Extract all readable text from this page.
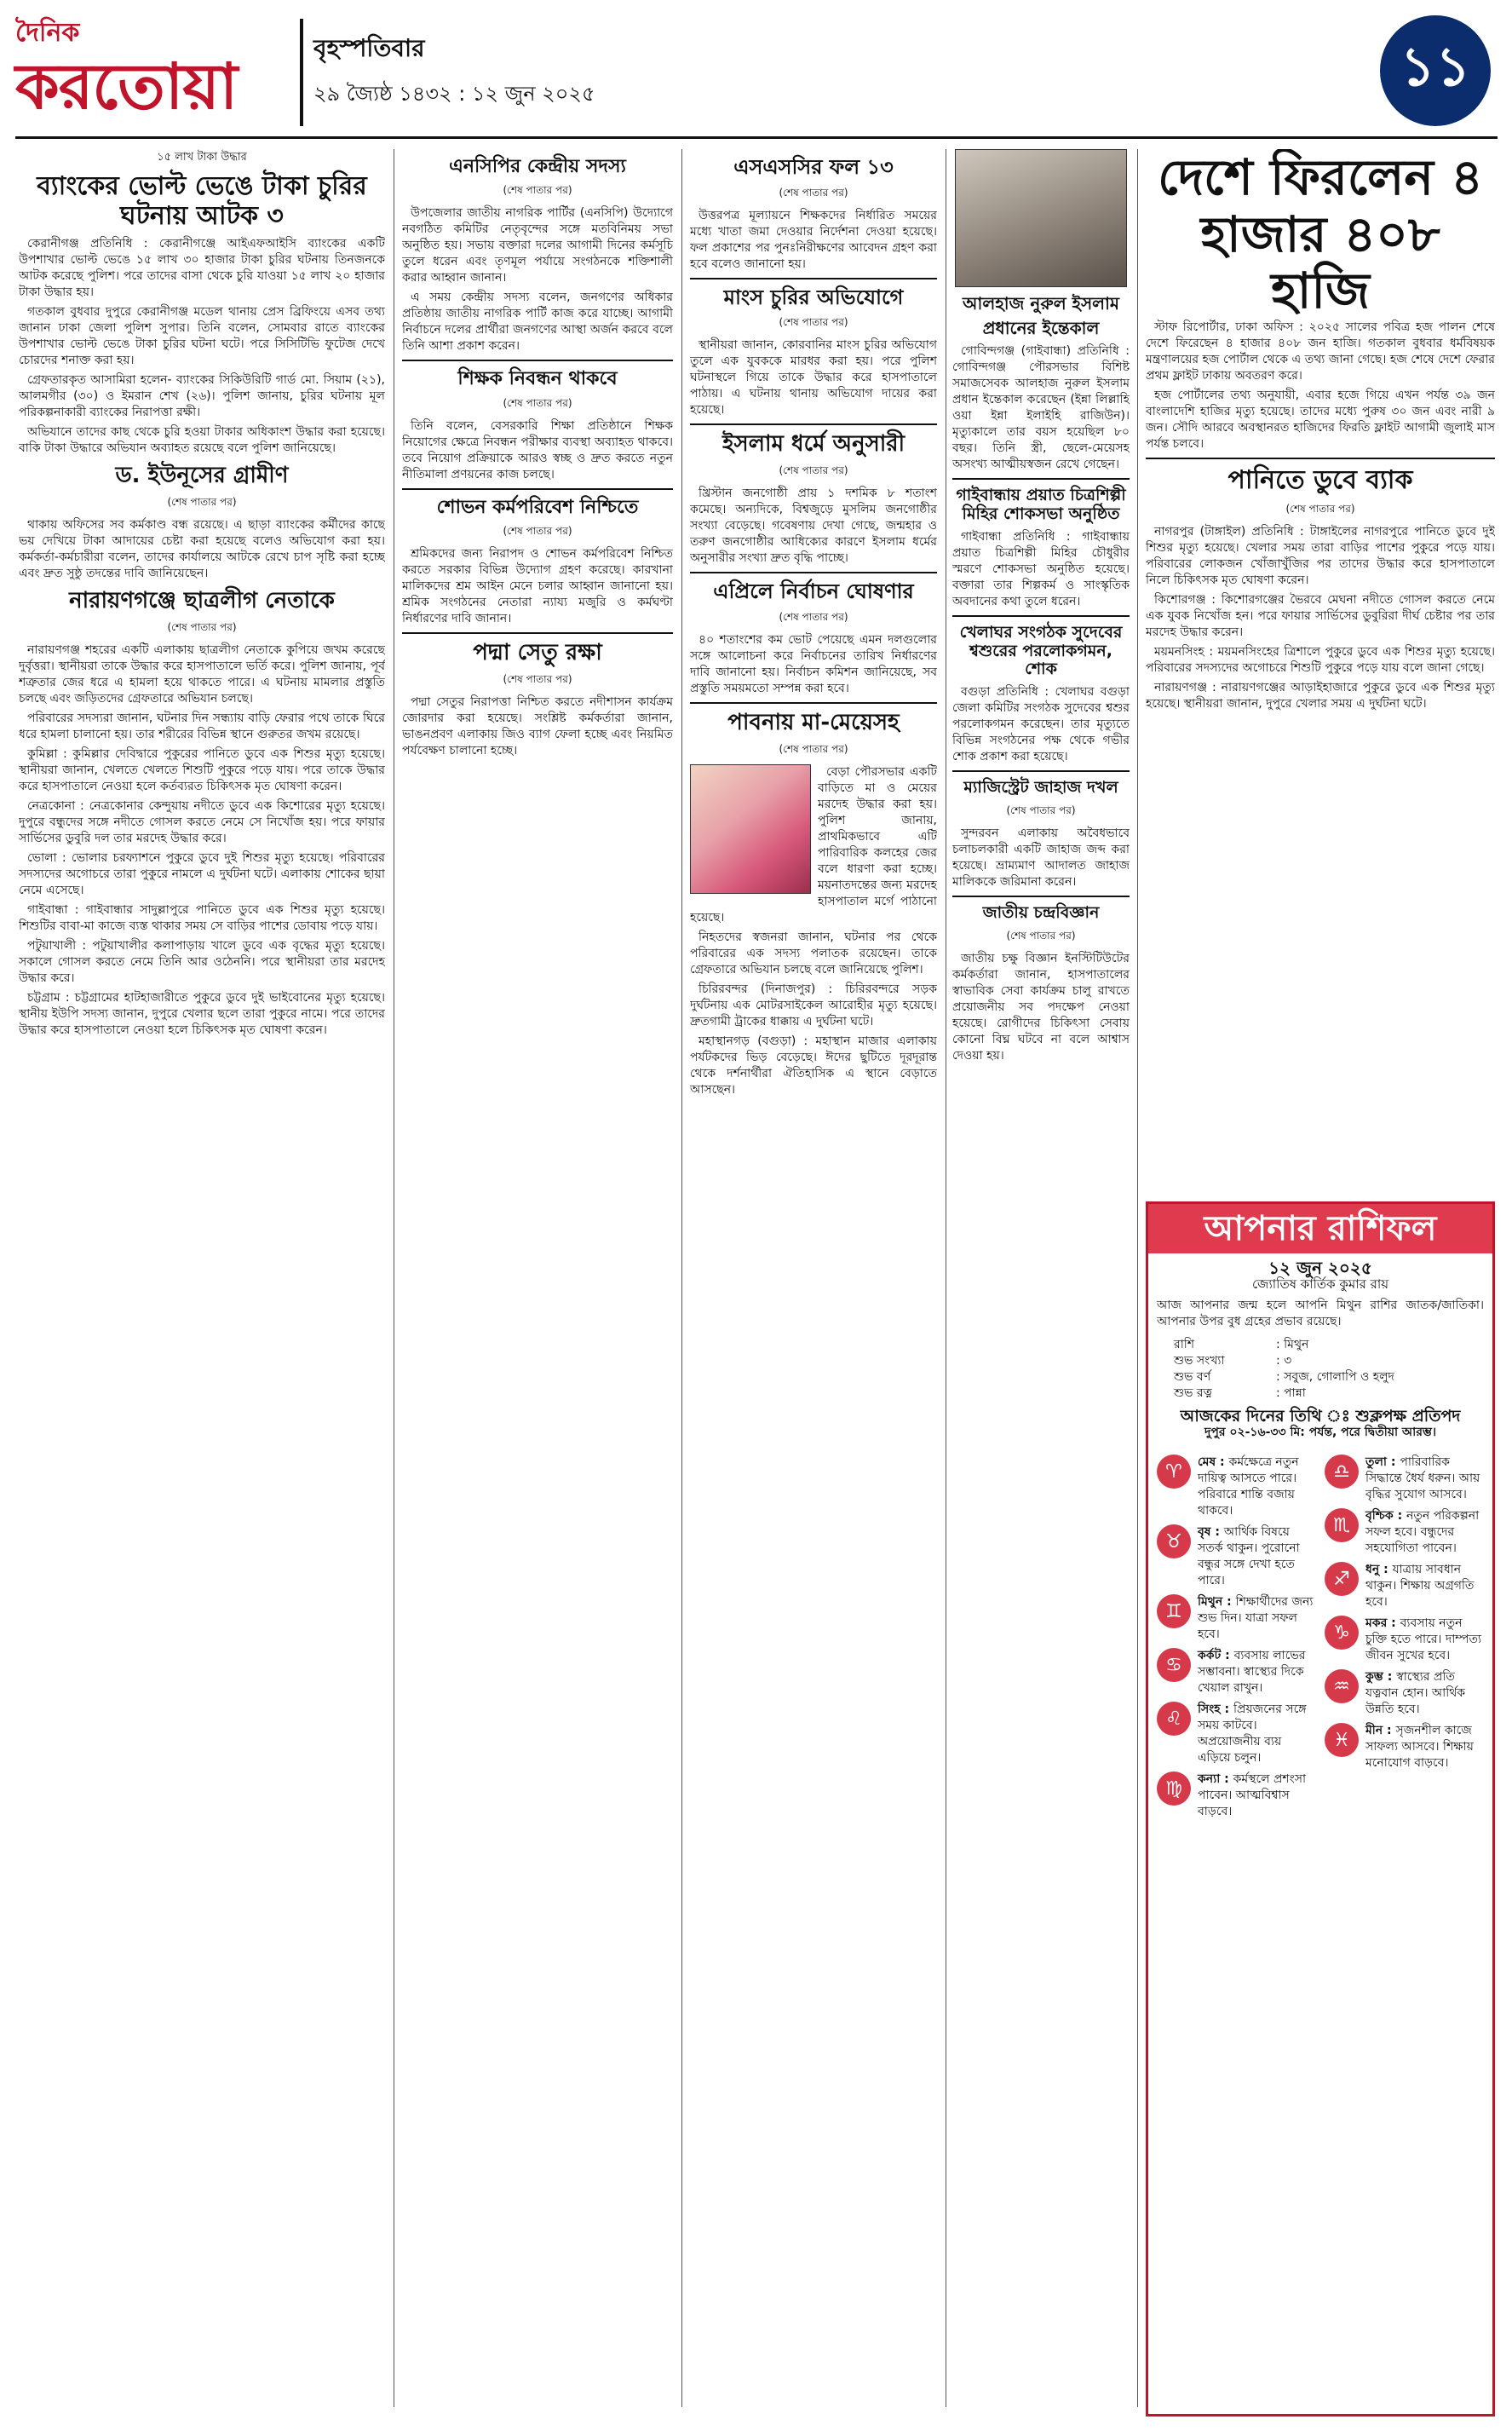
দৈনিক
করতোয়া
বৃহস্পতিবার
২৯ জ্যৈষ্ঠ ১৪৩২ : ১২ জুন ২০২৫	১১
১৫ লাখ টাকা উদ্ধার
ব্যাংকের ভোল্ট ভেঙে টাকা চুরির ঘটনায় আটক ৩

কেরানীগঞ্জ প্রতিনিধি : কেরানীগঞ্জে আইএফআইসি ব্যাংকের একটি উপশাখার ভোল্ট ভেঙে ১৫ লাখ ৩০ হাজার টাকা চুরির ঘটনায় তিনজনকে আটক করেছে পুলিশ। পরে তাদের বাসা থেকে চুরি যাওয়া ১৫ লাখ ২০ হাজার টাকা উদ্ধার হয়।

গতকাল বুধবার দুপুরে কেরানীগঞ্জ মডেল থানায় প্রেস ব্রিফিংয়ে এসব তথ্য জানান ঢাকা জেলা পুলিশ সুপার। তিনি বলেন, সোমবার রাতে ব্যাংকের উপশাখার ভোল্ট ভেঙে টাকা চুরির ঘটনা ঘটে। পরে সিসিটিভি ফুটেজ দেখে চোরদের শনাক্ত করা হয়।

গ্রেফতারকৃত আসামিরা হলেন- ব্যাংকের সিকিউরিটি গার্ড মো. সিয়াম (২১), আলমগীর (৩০) ও ইমরান শেখ (২৬)। পুলিশ জানায়, চুরির ঘটনায় মূল পরিকল্পনাকারী ব্যাংকের নিরাপত্তা রক্ষী।

অভিযানে তাদের কাছ থেকে চুরি হওয়া টাকার অধিকাংশ উদ্ধার করা হয়েছে। বাকি টাকা উদ্ধারে অভিযান অব্যাহত রয়েছে বলে পুলিশ জানিয়েছে।

ড. ইউনূসের গ্রামীণ
(শেষ পাতার পর)

থাকায় অফিসের সব কর্মকাণ্ড বন্ধ রয়েছে। এ ছাড়া ব্যাংকের কর্মীদের কাছে ভয় দেখিয়ে টাকা আদায়ের চেষ্টা করা হয়েছে বলেও অভিযোগ করা হয়। কর্মকর্তা-কর্মচারীরা বলেন, তাদের কার্যালয়ে আটকে রেখে চাপ সৃষ্টি করা হচ্ছে এবং দ্রুত সুষ্ঠু তদন্তের দাবি জানিয়েছেন।

নারায়ণগঞ্জে ছাত্রলীগ নেতাকে
(শেষ পাতার পর)

নারায়ণগঞ্জ শহরের একটি এলাকায় ছাত্রলীগ নেতাকে কুপিয়ে জখম করেছে দুর্বৃত্তরা। স্থানীয়রা তাকে উদ্ধার করে হাসপাতালে ভর্তি করে। পুলিশ জানায়, পূর্ব শত্রুতার জের ধরে এ হামলা হয়ে থাকতে পারে। এ ঘটনায় মামলার প্রস্তুতি চলছে এবং জড়িতদের গ্রেফতারে অভিযান চলছে।

পরিবারের সদস্যরা জানান, ঘটনার দিন সন্ধ্যায় বাড়ি ফেরার পথে তাকে ঘিরে ধরে হামলা চালানো হয়। তার শরীরের বিভিন্ন স্থানে গুরুতর জখম রয়েছে।

কুমিল্লা : কুমিল্লার দেবিদ্বারে পুকুরের পানিতে ডুবে এক শিশুর মৃত্যু হয়েছে। স্থানীয়রা জানান, খেলতে খেলতে শিশুটি পুকুরে পড়ে যায়। পরে তাকে উদ্ধার করে হাসপাতালে নেওয়া হলে কর্তব্যরত চিকিৎসক মৃত ঘোষণা করেন।

নেত্রকোনা : নেত্রকোনার কেন্দুয়ায় নদীতে ডুবে এক কিশোরের মৃত্যু হয়েছে। দুপুরে বন্ধুদের সঙ্গে নদীতে গোসল করতে নেমে সে নিখোঁজ হয়। পরে ফায়ার সার্ভিসের ডুবুরি দল তার মরদেহ উদ্ধার করে।

ভোলা : ভোলার চরফ্যাশনে পুকুরে ডুবে দুই শিশুর মৃত্যু হয়েছে। পরিবারের সদস্যদের অগোচরে তারা পুকুরে নামলে এ দুর্ঘটনা ঘটে। এলাকায় শোকের ছায়া নেমে এসেছে।

গাইবান্ধা : গাইবান্ধার সাদুল্লাপুরে পানিতে ডুবে এক শিশুর মৃত্যু হয়েছে। শিশুটির বাবা-মা কাজে ব্যস্ত থাকার সময় সে বাড়ির পাশের ডোবায় পড়ে যায়।

পটুয়াখালী : পটুয়াখালীর কলাপাড়ায় খালে ডুবে এক বৃদ্ধের মৃত্যু হয়েছে। সকালে গোসল করতে নেমে তিনি আর ওঠেননি। পরে স্থানীয়রা তার মরদেহ উদ্ধার করে।

চট্টগ্রাম : চট্টগ্রামের হাটহাজারীতে পুকুরে ডুবে দুই ভাইবোনের মৃত্যু হয়েছে। স্থানীয় ইউপি সদস্য জানান, দুপুরে খেলার ছলে তারা পুকুরে নামে। পরে তাদের উদ্ধার করে হাসপাতালে নেওয়া হলে চিকিৎসক মৃত ঘোষণা করেন।

এনসিপির কেন্দ্রীয় সদস্য
(শেষ পাতার পর)

উপজেলার জাতীয় নাগরিক পার্টির (এনসিপি) উদ্যোগে নবগঠিত কমিটির নেতৃবৃন্দের সঙ্গে মতবিনিময় সভা অনুষ্ঠিত হয়। সভায় বক্তারা দলের আগামী দিনের কর্মসূচি তুলে ধরেন এবং তৃণমূল পর্যায়ে সংগঠনকে শক্তিশালী করার আহ্বান জানান।

এ সময় কেন্দ্রীয় সদস্য বলেন, জনগণের অধিকার প্রতিষ্ঠায় জাতীয় নাগরিক পার্টি কাজ করে যাচ্ছে। আগামী নির্বাচনে দলের প্রার্থীরা জনগণের আস্থা অর্জন করবে বলে তিনি আশা প্রকাশ করেন।

শিক্ষক নিবন্ধন থাকবে
(শেষ পাতার পর)

তিনি বলেন, বেসরকারি শিক্ষা প্রতিষ্ঠানে শিক্ষক নিয়োগের ক্ষেত্রে নিবন্ধন পরীক্ষার ব্যবস্থা অব্যাহত থাকবে। তবে নিয়োগ প্রক্রিয়াকে আরও স্বচ্ছ ও দ্রুত করতে নতুন নীতিমালা প্রণয়নের কাজ চলছে।

শোভন কর্মপরিবেশ নিশ্চিতে
(শেষ পাতার পর)

শ্রমিকদের জন্য নিরাপদ ও শোভন কর্মপরিবেশ নিশ্চিত করতে সরকার বিভিন্ন উদ্যোগ গ্রহণ করেছে। কারখানা মালিকদের শ্রম আইন মেনে চলার আহ্বান জানানো হয়। শ্রমিক সংগঠনের নেতারা ন্যায্য মজুরি ও কর্মঘণ্টা নির্ধারণের দাবি জানান।

পদ্মা সেতু রক্ষা
(শেষ পাতার পর)

পদ্মা সেতুর নিরাপত্তা নিশ্চিত করতে নদীশাসন কার্যক্রম জোরদার করা হয়েছে। সংশ্লিষ্ট কর্মকর্তারা জানান, ভাঙনপ্রবণ এলাকায় জিও ব্যাগ ফেলা হচ্ছে এবং নিয়মিত পর্যবেক্ষণ চালানো হচ্ছে।

এসএসসির ফল ১৩
(শেষ পাতার পর)

উত্তরপত্র মূল্যায়নে শিক্ষকদের নির্ধারিত সময়ের মধ্যে খাতা জমা দেওয়ার নির্দেশনা দেওয়া হয়েছে। ফল প্রকাশের পর পুনঃনিরীক্ষণের আবেদন গ্রহণ করা হবে বলেও জানানো হয়।

মাংস চুরির অভিযোগে
(শেষ পাতার পর)

স্থানীয়রা জানান, কোরবানির মাংস চুরির অভিযোগ তুলে এক যুবককে মারধর করা হয়। পরে পুলিশ ঘটনাস্থলে গিয়ে তাকে উদ্ধার করে হাসপাতালে পাঠায়। এ ঘটনায় থানায় অভিযোগ দায়ের করা হয়েছে।

ইসলাম ধর্মে অনুসারী
(শেষ পাতার পর)

খ্রিস্টান জনগোষ্ঠী প্রায় ১ দশমিক ৮ শতাংশ কমেছে। অন্যদিকে, বিশ্বজুড়ে মুসলিম জনগোষ্ঠীর সংখ্যা বেড়েছে। গবেষণায় দেখা গেছে, জন্মহার ও তরুণ জনগোষ্ঠীর আধিক্যের কারণে ইসলাম ধর্মের অনুসারীর সংখ্যা দ্রুত বৃদ্ধি পাচ্ছে।

এপ্রিলে নির্বাচন ঘোষণার
(শেষ পাতার পর)

৪০ শতাংশের কম ভোট পেয়েছে এমন দলগুলোর সঙ্গে আলোচনা করে নির্বাচনের তারিখ নির্ধারণের দাবি জানানো হয়। নির্বাচন কমিশন জানিয়েছে, সব প্রস্তুতি সময়মতো সম্পন্ন করা হবে।

পাবনায় মা-মেয়েসহ
(শেষ পাতার পর)

বেড়া পৌরসভার একটি বাড়িতে মা ও মেয়ের মরদেহ উদ্ধার করা হয়। পুলিশ জানায়, প্রাথমিকভাবে এটি পারিবারিক কলহের জের বলে ধারণা করা হচ্ছে। ময়নাতদন্তের জন্য মরদেহ হাসপাতাল মর্গে পাঠানো হয়েছে।

নিহতদের স্বজনরা জানান, ঘটনার পর থেকে পরিবারের এক সদস্য পলাতক রয়েছেন। তাকে গ্রেফতারে অভিযান চলছে বলে জানিয়েছে পুলিশ।

চিরিরবন্দর (দিনাজপুর) : চিরিরবন্দরে সড়ক দুর্ঘটনায় এক মোটরসাইকেল আরোহীর মৃত্যু হয়েছে। দ্রুতগামী ট্রাকের ধাক্কায় এ দুর্ঘটনা ঘটে।

মহাস্থানগড় (বগুড়া) : মহাস্থান মাজার এলাকায় পর্যটকদের ভিড় বেড়েছে। ঈদের ছুটিতে দূরদূরান্ত থেকে দর্শনার্থীরা ঐতিহাসিক এ স্থানে বেড়াতে আসছেন।

আলহাজ নুরুল ইসলাম
প্রধানের ইন্তেকাল

গোবিন্দগঞ্জ (গাইবান্ধা) প্রতিনিধি : গোবিন্দগঞ্জ পৌরসভার বিশিষ্ট সমাজসেবক আলহাজ নুরুল ইসলাম প্রধান ইন্তেকাল করেছেন (ইন্না লিল্লাহি ওয়া ইন্না ইলাইহি রাজিউন)। মৃত্যুকালে তার বয়স হয়েছিল ৮০ বছর। তিনি স্ত্রী, ছেলে-মেয়েসহ অসংখ্য আত্মীয়স্বজন রেখে গেছেন।

গাইবান্ধায় প্রয়াত চিত্রশিল্পী মিহির শোকসভা অনুষ্ঠিত

গাইবান্ধা প্রতিনিধি : গাইবান্ধায় প্রয়াত চিত্রশিল্পী মিহির চৌধুরীর স্মরণে শোকসভা অনুষ্ঠিত হয়েছে। বক্তারা তার শিল্পকর্ম ও সাংস্কৃতিক অবদানের কথা তুলে ধরেন।

খেলাঘর সংগঠক সুদেবের শ্বশুরের পরলোকগমন, শোক

বগুড়া প্রতিনিধি : খেলাঘর বগুড়া জেলা কমিটির সংগঠক সুদেবের শ্বশুর পরলোকগমন করেছেন। তার মৃত্যুতে বিভিন্ন সংগঠনের পক্ষ থেকে গভীর শোক প্রকাশ করা হয়েছে।

ম্যাজিস্ট্রেট জাহাজ দখল
(শেষ পাতার পর)

সুন্দরবন এলাকায় অবৈধভাবে চলাচলকারী একটি জাহাজ জব্দ করা হয়েছে। ভ্রাম্যমাণ আদালত জাহাজ মালিককে জরিমানা করেন।

জাতীয় চন্দ্রবিজ্ঞান
(শেষ পাতার পর)

জাতীয় চক্ষু বিজ্ঞান ইনস্টিটিউটের কর্মকর্তারা জানান, হাসপাতালের স্বাভাবিক সেবা কার্যক্রম চালু রাখতে প্রয়োজনীয় সব পদক্ষেপ নেওয়া হয়েছে। রোগীদের চিকিৎসা সেবায় কোনো বিঘ্ন ঘটবে না বলে আশ্বাস দেওয়া হয়।

দেশে ফিরলেন ৪ হাজার ৪০৮ হাজি

স্টাফ রিপোর্টার, ঢাকা অফিস : ২০২৫ সালের পবিত্র হজ পালন শেষে দেশে ফিরেছেন ৪ হাজার ৪০৮ জন হাজি। গতকাল বুধবার ধর্মবিষয়ক মন্ত্রণালয়ের হজ পোর্টাল থেকে এ তথ্য জানা গেছে। হজ শেষে দেশে ফেরার প্রথম ফ্লাইট ঢাকায় অবতরণ করে।

হজ পোর্টালের তথ্য অনুযায়ী, এবার হজে গিয়ে এখন পর্যন্ত ৩৯ জন বাংলাদেশি হাজির মৃত্যু হয়েছে। তাদের মধ্যে পুরুষ ৩০ জন এবং নারী ৯ জন। সৌদি আরবে অবস্থানরত হাজিদের ফিরতি ফ্লাইট আগামী জুলাই মাস পর্যন্ত চলবে।

পানিতে ডুবে ব্যাক
(শেষ পাতার পর)

নাগরপুর (টাঙ্গাইল) প্রতিনিধি : টাঙ্গাইলের নাগরপুরে পানিতে ডুবে দুই শিশুর মৃত্যু হয়েছে। খেলার সময় তারা বাড়ির পাশের পুকুরে পড়ে যায়। পরিবারের লোকজন খোঁজাখুঁজির পর তাদের উদ্ধার করে হাসপাতালে নিলে চিকিৎসক মৃত ঘোষণা করেন।

কিশোরগঞ্জ : কিশোরগঞ্জের ভৈরবে মেঘনা নদীতে গোসল করতে নেমে এক যুবক নিখোঁজ হন। পরে ফায়ার সার্ভিসের ডুবুরিরা দীর্ঘ চেষ্টার পর তার মরদেহ উদ্ধার করেন।

ময়মনসিংহ : ময়মনসিংহের ত্রিশালে পুকুরে ডুবে এক শিশুর মৃত্যু হয়েছে। পরিবারের সদস্যদের অগোচরে শিশুটি পুকুরে পড়ে যায় বলে জানা গেছে।

নারায়ণগঞ্জ : নারায়ণগঞ্জের আড়াইহাজারে পুকুরে ডুবে এক শিশুর মৃত্যু হয়েছে। স্থানীয়রা জানান, দুপুরে খেলার সময় এ দুর্ঘটনা ঘটে।

আপনার রাশিফল
১২ জুন ২০২৫
জ্যোতিষ কার্তিক কুমার রায়
আজ আপনার জন্ম হলে আপনি মিথুন রাশির জাতক/জাতিকা। আপনার উপর বুধ গ্রহের প্রভাব রয়েছে।
রাশি	: মিথুন
শুভ সংখ্যা	: ৩
শুভ বর্ণ	: সবুজ, গোলাপি ও হলুদ
শুভ রত্ন	: পান্না
আজকের দিনের তিথি ঃ শুক্লপক্ষ প্রতিপদ
দুপুর ০২-১৬-৩৩ মি: পর্যন্ত, পরে দ্বিতীয়া আরম্ভ।
♈	মেষ : কর্মক্ষেত্রে নতুন দায়িত্ব আসতে পারে। পরিবারে শান্তি বজায় থাকবে।
♉	বৃষ : আর্থিক বিষয়ে সতর্ক থাকুন। পুরোনো বন্ধুর সঙ্গে দেখা হতে পারে।
♊	মিথুন : শিক্ষার্থীদের জন্য শুভ দিন। যাত্রা সফল হবে।
♋	কর্কট : ব্যবসায় লাভের সম্ভাবনা। স্বাস্থ্যের দিকে খেয়াল রাখুন।
♌	সিংহ : প্রিয়জনের সঙ্গে সময় কাটবে। অপ্রয়োজনীয় ব্যয় এড়িয়ে চলুন।
♍	কন্যা : কর্মস্থলে প্রশংসা পাবেন। আত্মবিশ্বাস বাড়বে।
♎	তুলা : পারিবারিক সিদ্ধান্তে ধৈর্য ধরুন। আয় বৃদ্ধির সুযোগ আসবে।
♏	বৃশ্চিক : নতুন পরিকল্পনা সফল হবে। বন্ধুদের সহযোগিতা পাবেন।
♐	ধনু : যাত্রায় সাবধান থাকুন। শিক্ষায় অগ্রগতি হবে।
♑	মকর : ব্যবসায় নতুন চুক্তি হতে পারে। দাম্পত্য জীবন সুখের হবে।
♒	কুম্ভ : স্বাস্থ্যের প্রতি যত্নবান হোন। আর্থিক উন্নতি হবে।
♓	মীন : সৃজনশীল কাজে সাফল্য আসবে। শিক্ষায় মনোযোগ বাড়বে।
